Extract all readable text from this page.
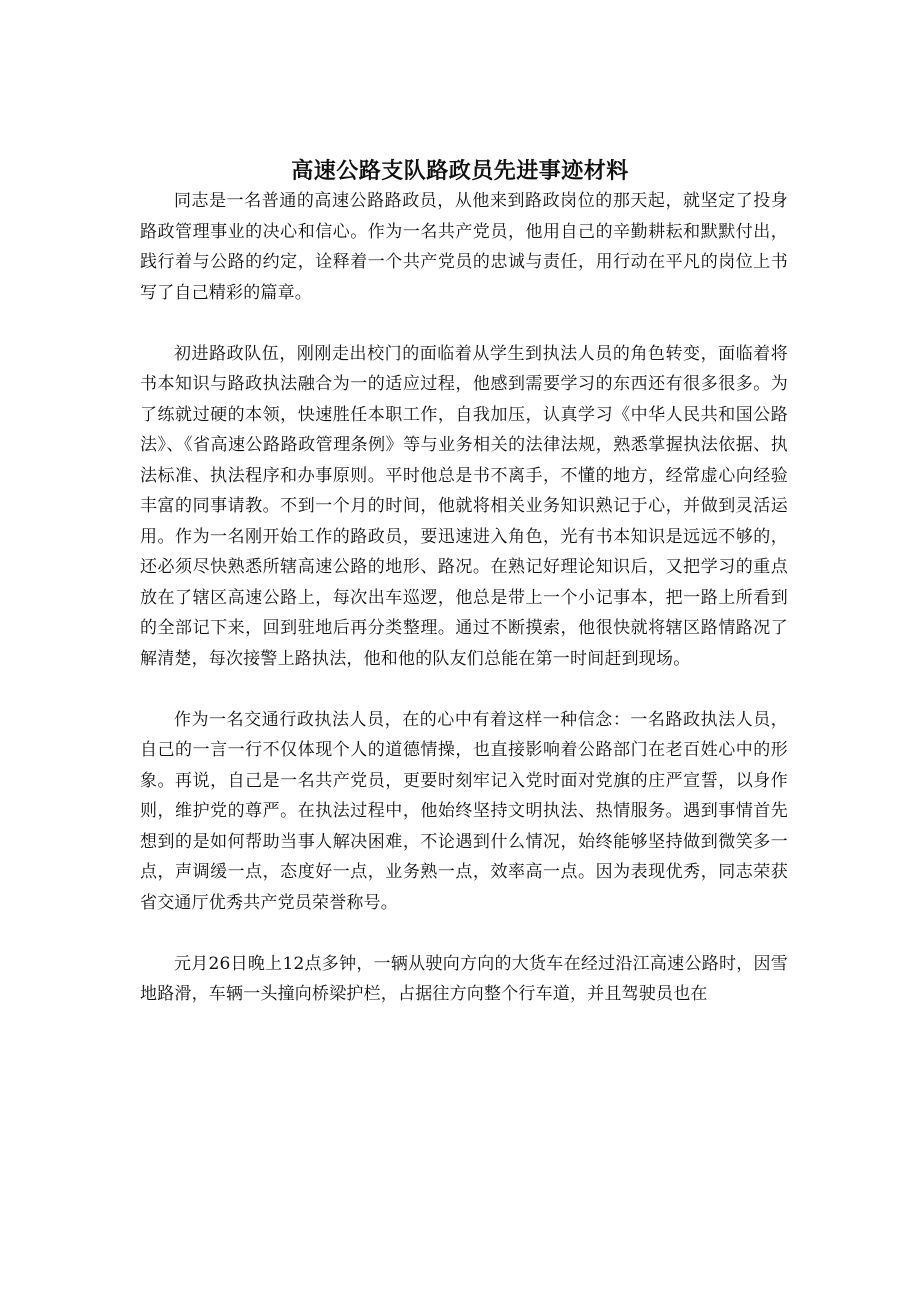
高速公路支队路政员先进事迹材料

同志是一名普通的高速公路路政员，从他来到路政岗位的那天起，就坚定了投身路政管理事业的决心和信心。作为一名共产党员，他用自己的辛勤耕耘和默默付出，践行着与公路的约定，诠释着一个共产党员的忠诚与责任，用行动在平凡的岗位上书写了自己精彩的篇章。

初进路政队伍，刚刚走出校门的面临着从学生到执法人员的角色转变，面临着将书本知识与路政执法融合为一的适应过程，他感到需要学习的东西还有很多很多。为了练就过硬的本领，快速胜任本职工作，自我加压，认真学习《中华人民共和国公路法》、《省高速公路路政管理条例》等与业务相关的法律法规，熟悉掌握执法依据、执法标准、执法程序和办事原则。平时他总是书不离手，不懂的地方，经常虚心向经验丰富的同事请教。不到一个月的时间，他就将相关业务知识熟记于心，并做到灵活运用。作为一名刚开始工作的路政员，要迅速进入角色，光有书本知识是远远不够的，还必须尽快熟悉所辖高速公路的地形、路况。在熟记好理论知识后，又把学习的重点放在了辖区高速公路上，每次出车巡逻，他总是带上一个小记事本，把一路上所看到的全部记下来，回到驻地后再分类整理。通过不断摸索，他很快就将辖区路情路况了解清楚，每次接警上路执法，他和他的队友们总能在第一时间赶到现场。

作为一名交通行政执法人员，在的心中有着这样一种信念：一名路政执法人员，自己的一言一行不仅体现个人的道德情操，也直接影响着公路部门在老百姓心中的形象。再说，自己是一名共产党员，更要时刻牢记入党时面对党旗的庄严宣誓，以身作则，维护党的尊严。在执法过程中，他始终坚持文明执法、热情服务。遇到事情首先想到的是如何帮助当事人解决困难，不论遇到什么情况，始终能够坚持做到微笑多一点，声调缓一点，态度好一点，业务熟一点，效率高一点。因为表现优秀，同志荣获省交通厅优秀共产党员荣誉称号。

元月26日晚上12点多钟，一辆从驶向方向的大货车在经过沿江高速公路时，因雪地路滑，车辆一头撞向桥梁护栏，占据往方向整个行车道，并且驾驶员也在
